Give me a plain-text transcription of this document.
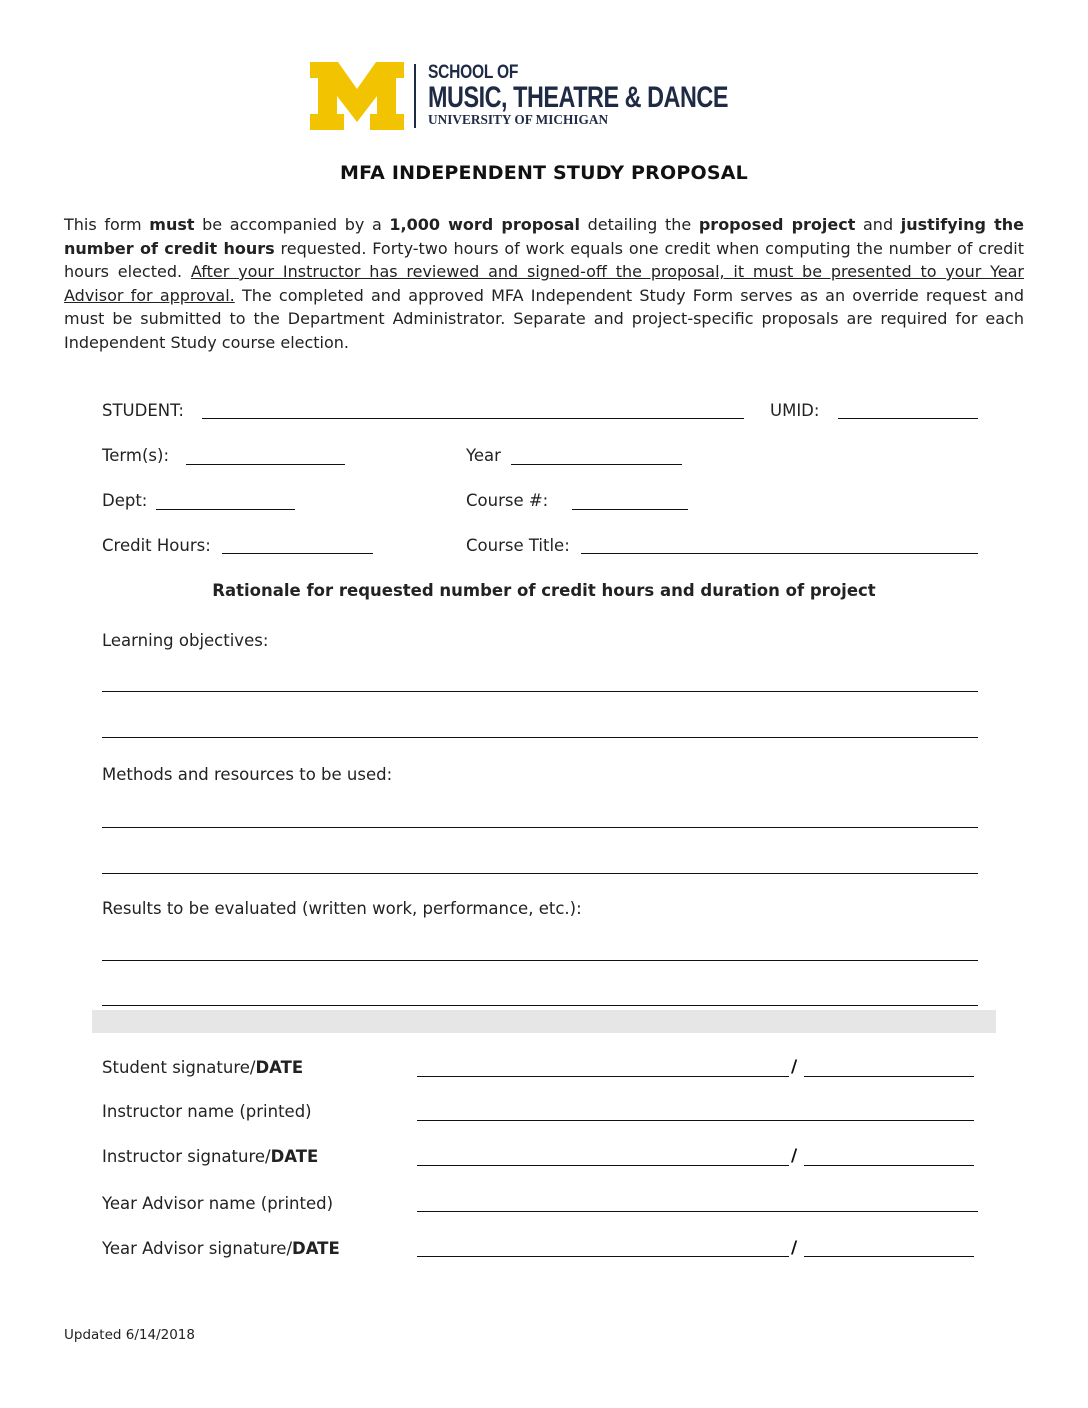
SCHOOL OF
MUSIC, THEATRE & DANCE
UNIVERSITY OF MICHIGAN
MFA INDEPENDENT STUDY PROPOSAL
This form must be accompanied by a 1,000 word proposal detailing the proposed project and justifying the number of credit hours requested. Forty-two hours of work equals one credit when computing the number of credit hours elected. After your Instructor has reviewed and signed-off the proposal, it must be presented to your Year Advisor for approval. The completed and approved MFA Independent Study Form serves as an override request and must be submitted to the Department Administrator. Separate and project-specific proposals are required for each Independent Study course election.
STUDENT:	UMID:
Term(s):	Year
Dept:	Course #:
Credit Hours:	Course Title:
Rationale for requested number of credit hours and duration of project
Learning objectives:
Methods and resources to be used:
Results to be evaluated (written work, performance, etc.):
Student signature/DATE	/
Instructor name (printed)
Instructor signature/DATE	/
Year Advisor name (printed)
Year Advisor signature/DATE	/
Updated 6/14/2018
